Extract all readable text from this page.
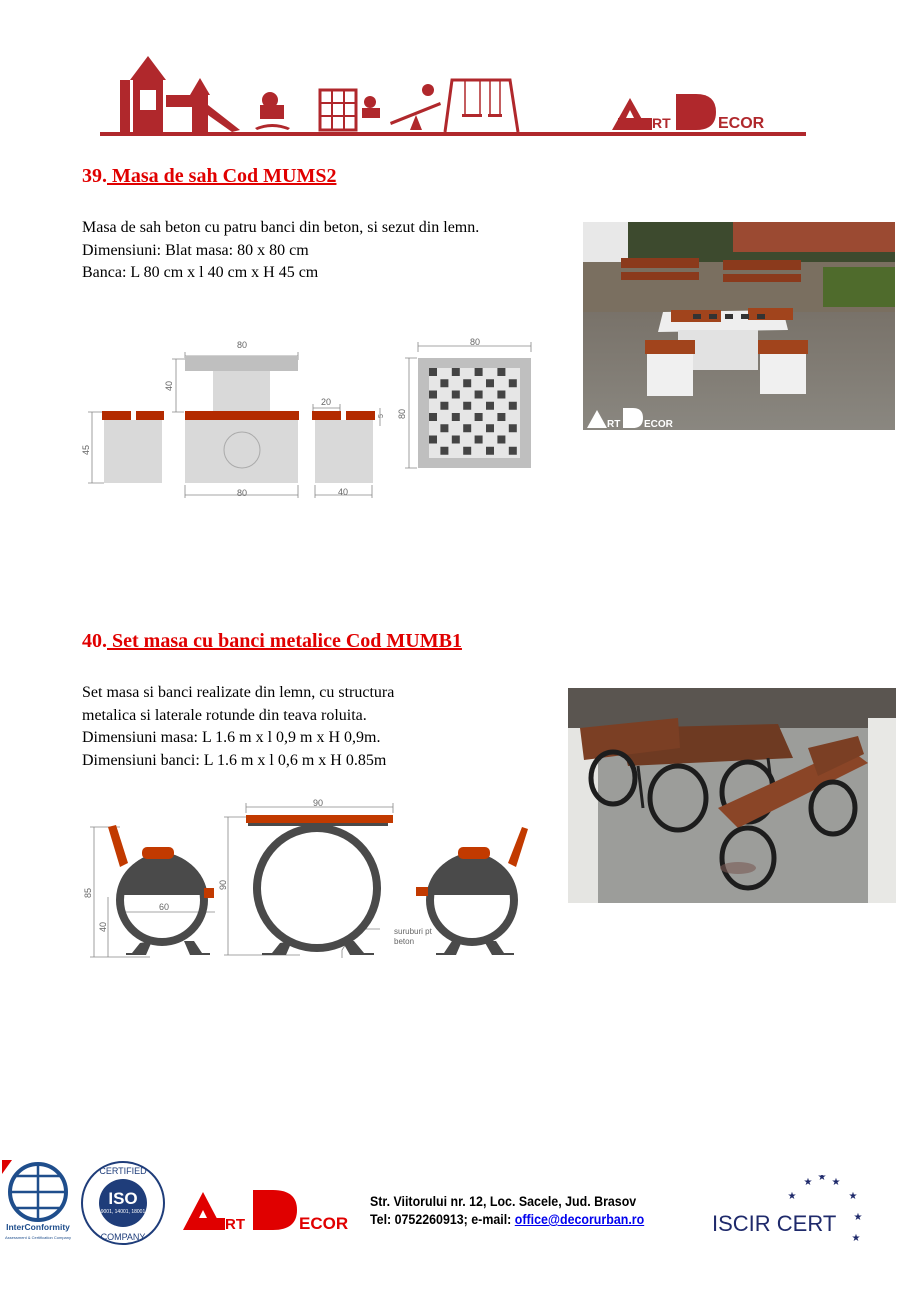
RT	ECOR
39. Masa de sah Cod MUMS2
Masa de sah beton cu patru banci din beton, si sezut din lemn.
Dimensiuni: Blat masa: 80 x 80 cm
Banca: L 80 cm x l 40 cm x H 45 cm
80
40
45
80
20
5
40
80
80
RT ECOR
40. Set masa cu banci metalice Cod MUMB1
Set masa si banci realizate din lemn, cu structura
metalica si laterale rotunde din teava roluita.
Dimensiuni masa: L 1.6 m x l 0,9 m x H 0,9m.
Dimensiuni banci: L 1.6 m x l 0,6 m x H 0.85m
85
40
60
90
90
suruburi pt
beton
InterConformity
Assessment & Certification Company
ISO
9001, 14001, 18001
CERTIFIED
COMPANY
RT	ECOR
Str. Viitorului nr. 12, Loc. Sacele, Jud. Brasov
Tel: 0752260913; e-mail: office@decorurban.ro
★ ★ ★
★	★
★
★
ISCIR CERT
